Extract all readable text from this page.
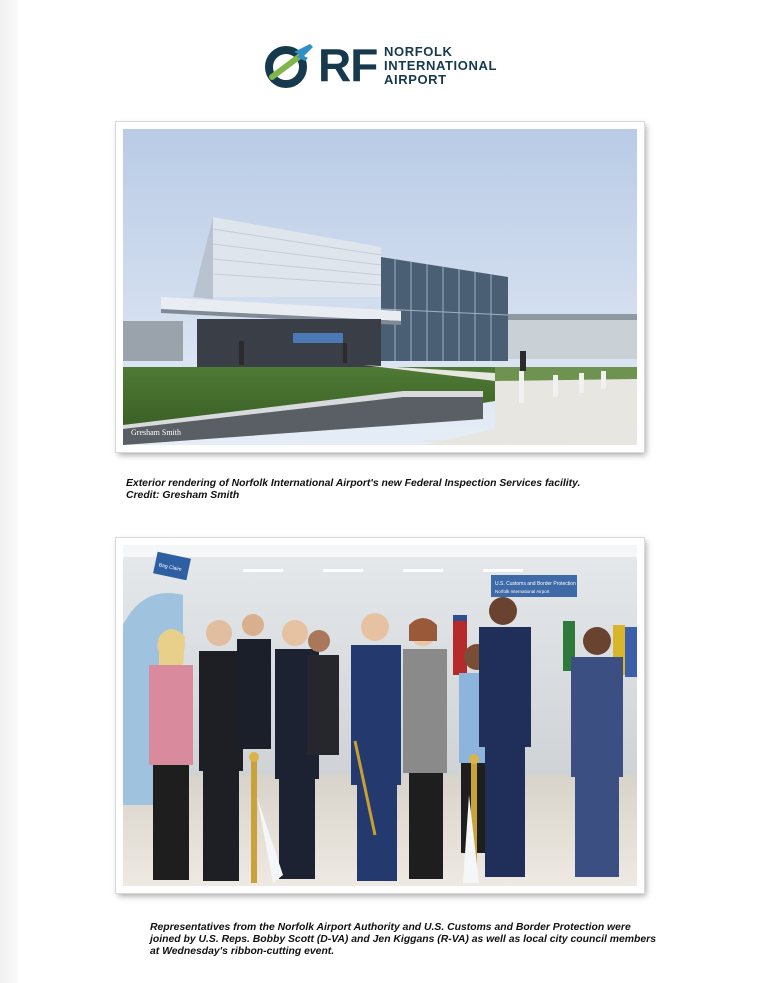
RF NORFOLK
INTERNATIONAL
AIRPORT
Gresham Smith
RENDERING IS CONCEPTUAL DESIGN INTENT AND MAY NOT REFLECT THE FINAL BUILT CONDITION
Exterior rendering of Norfolk International Airport's new Federal Inspection Services facility.
Credit: Gresham Smith
U.S. Customs and Border Protection
Norfolk International Airport
Bag Claim
Representatives from the Norfolk Airport Authority and U.S. Customs and Border Protection were
joined by U.S. Reps. Bobby Scott (D-VA) and Jen Kiggans (R-VA) as well as local city council members
at Wednesday's ribbon-cutting event.
